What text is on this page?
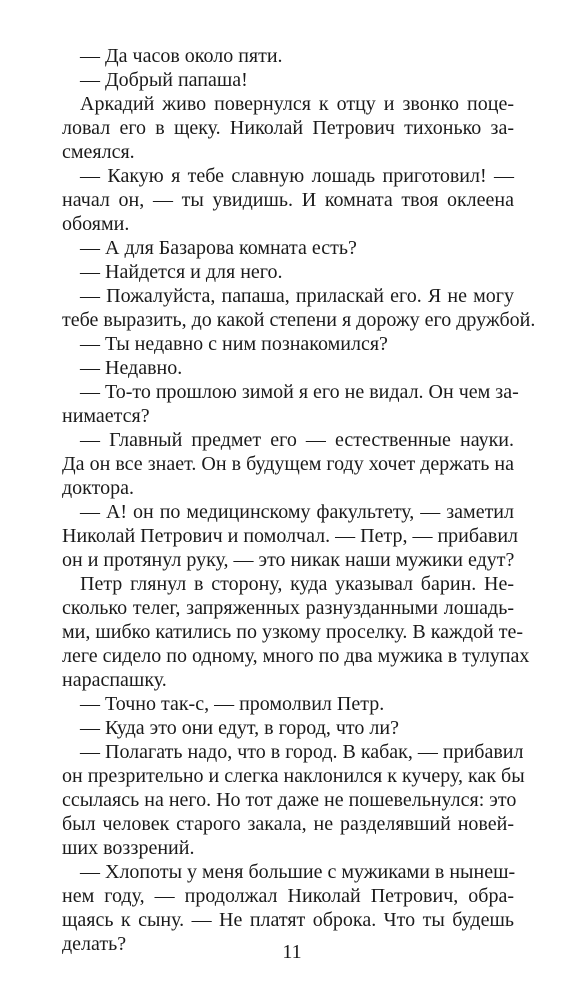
— Да часов около пяти.
— Добрый папаша!
Аркадий живо повернулся к отцу и звонко поце-
ловал его в щеку. Николай Петрович тихонько за-
смеялся.
— Какую я тебе славную лошадь приготовил! —
начал он, — ты увидишь. И комната твоя оклеена
обоями.
— А для Базарова комната есть?
— Найдется и для него.
— Пожалуйста, папаша, приласкай его. Я не могу
тебе выразить, до какой степени я дорожу его дружбой.
— Ты недавно с ним познакомился?
— Недавно.
— То-то прошлою зимой я его не видал. Он чем за-
нимается?
— Главный предмет его — естественные науки.
Да он все знает. Он в будущем году хочет держать на
доктора.
— А! он по медицинскому факультету, — заметил
Николай Петрович и помолчал. — Петр, — прибавил
он и протянул руку, — это никак наши мужики едут?
Петр глянул в сторону, куда указывал барин. Не-
сколько телег, запряженных разнузданными лошадь-
ми, шибко катились по узкому проселку. В каждой те-
леге сидело по одному, много по два мужика в тулупах
нараспашку.
— Точно так-с, — промолвил Петр.
— Куда это они едут, в город, что ли?
— Полагать надо, что в город. В кабак, — прибавил
он презрительно и слегка наклонился к кучеру, как бы
ссылаясь на него. Но тот даже не пошевельнулся: это
был человек старого закала, не разделявший новей-
ших воззрений.
— Хлопоты у меня большие с мужиками в нынеш-
нем году, — продолжал Николай Петрович, обра-
щаясь к сыну. — Не платят оброка. Что ты будешь
делать?	11
